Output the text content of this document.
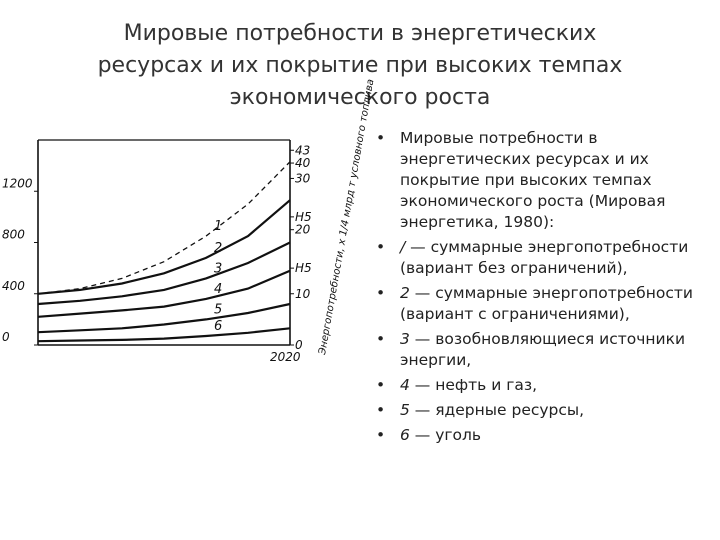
Мировые потребности в энергетических
ресурсах и их покрытие при высоких темпах
экономического роста
1200
800
400
0
2020
43
40
30
H5
20
H5
10
0
1
2
3
4
5
6	Энергопотребности, х 1/4 млрд т условного топлива • Мировые потребности в энергетических ресурсах и их покрытие при высоких темпах экономического роста (Мировая энергетика, 1980):
• / — суммарные энергопотребности (вариант без ограничений),
• 2 — суммарные энергопотребности (вариант с ограничениями),
• 3 — возобновляющиеся источники энергии,
• 4 — нефть и газ,
• 5 — ядерные ресурсы,
• 6 — уголь
